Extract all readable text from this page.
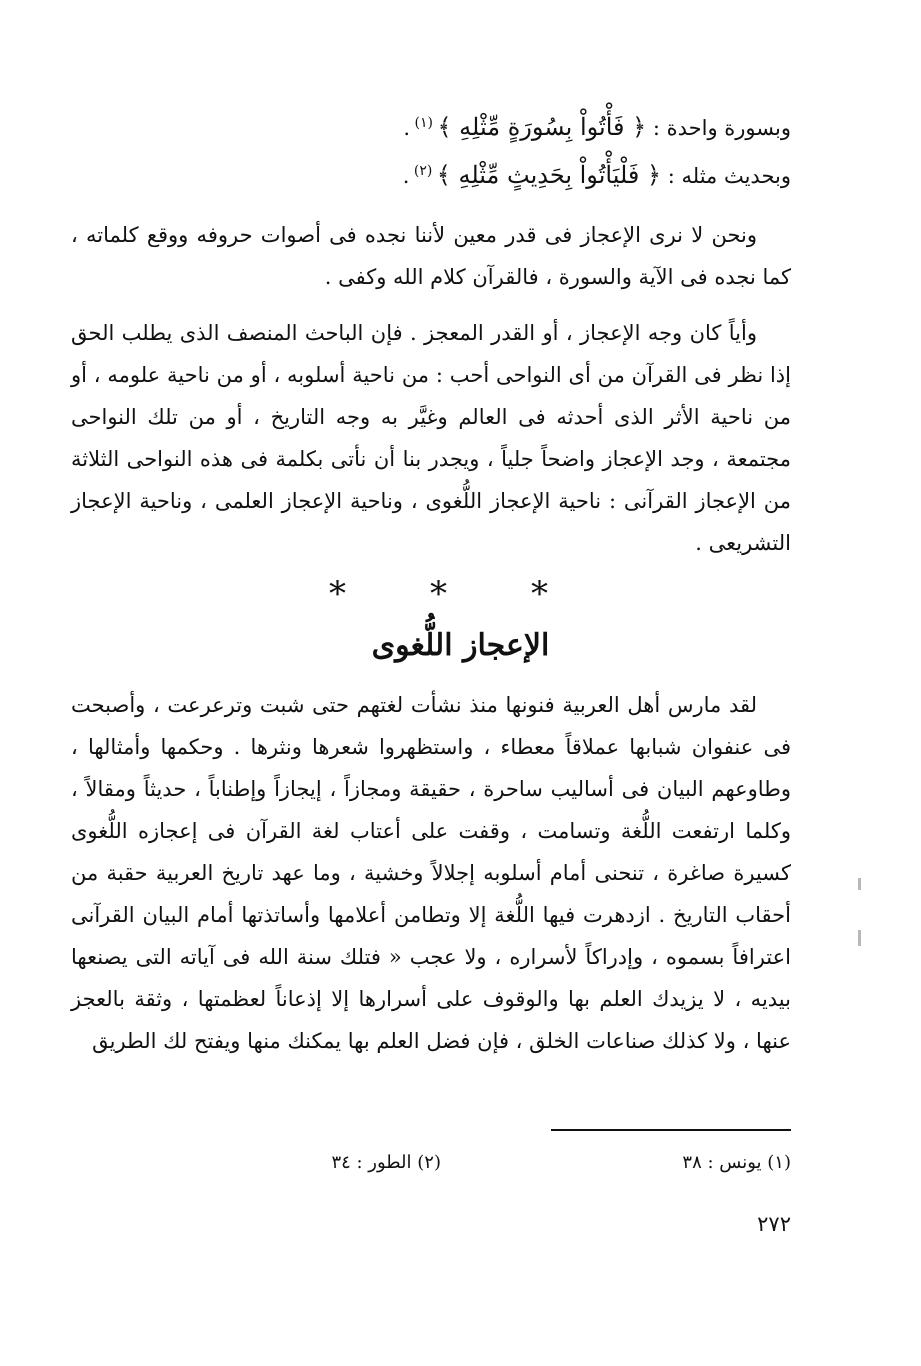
وبسورة واحدة : ﴿ فَأْتُواْ بِسُورَةٍ مِّثْلِهِ ﴾ $^{(١)}$ .
وبحديث مثله : ﴿ فَلْيَأْتُواْ بِحَدِيثٍ مِّثْلِهِ ﴾ $^{(٢)}$ .

ونحن لا نرى الإعجاز فى قدر معين لأننا نجده فى أصوات حروفه ووقع كلماته ، كما نجده فى الآية والسورة ، فالقرآن كلام الله وكفى .

وأياً كان وجه الإعجاز ، أو القدر المعجز . فإن الباحث المنصف الذى يطلب الحق إذا نظر فى القرآن من أى النواحى أحب : من ناحية أسلوبه ، أو من ناحية علومه ، أو من ناحية الأثر الذى أحدثه فى العالم وغيَّر به وجه التاريخ ، أو من تلك النواحى مجتمعة ، وجد الإعجاز واضحاً جلياً ، ويجدر بنا أن نأتى بكلمة فى هذه النواحى الثلاثة من الإعجاز القرآنى : ناحية الإعجاز اللُّغوى ، وناحية الإعجاز العلمى ، وناحية الإعجاز التشريعى .

* * *
الإعجاز اللُّغوى

لقد مارس أهل العربية فنونها منذ نشأت لغتهم حتى شبت وترعرعت ، وأصبحت فى عنفوان شبابها عملاقاً معطاء ، واستظهروا شعرها ونثرها . وحكمها وأمثالها ، وطاوعهم البيان فى أساليب ساحرة ، حقيقة ومجازاً ، إيجازاً وإطناباً ، حديثاً ومقالاً ، وكلما ارتفعت اللُّغة وتسامت ، وقفت على أعتاب لغة القرآن فى إعجازه اللُّغوى كسيرة صاغرة ، تنحنى أمام أسلوبه إجلالاً وخشية ، وما عهد تاريخ العربية حقبة من أحقاب التاريخ . ازدهرت فيها اللُّغة إلا وتطامن أعلامها وأساتذتها أمام البيان القرآنى اعترافاً بسموه ، وإدراكاً لأسراره ، ولا عجب « فتلك سنة الله فى آياته التى يصنعها بيديه ، لا يزيدك العلم بها والوقوف على أسرارها إلا إذعاناً لعظمتها ، وثقة بالعجز عنها ، ولا كذلك صناعات الخلق ، فإن فضل العلم بها يمكنك منها ويفتح لك الطريق

(١) يونس : ٣٨
(٢) الطور : ٣٤
٢٧٢
